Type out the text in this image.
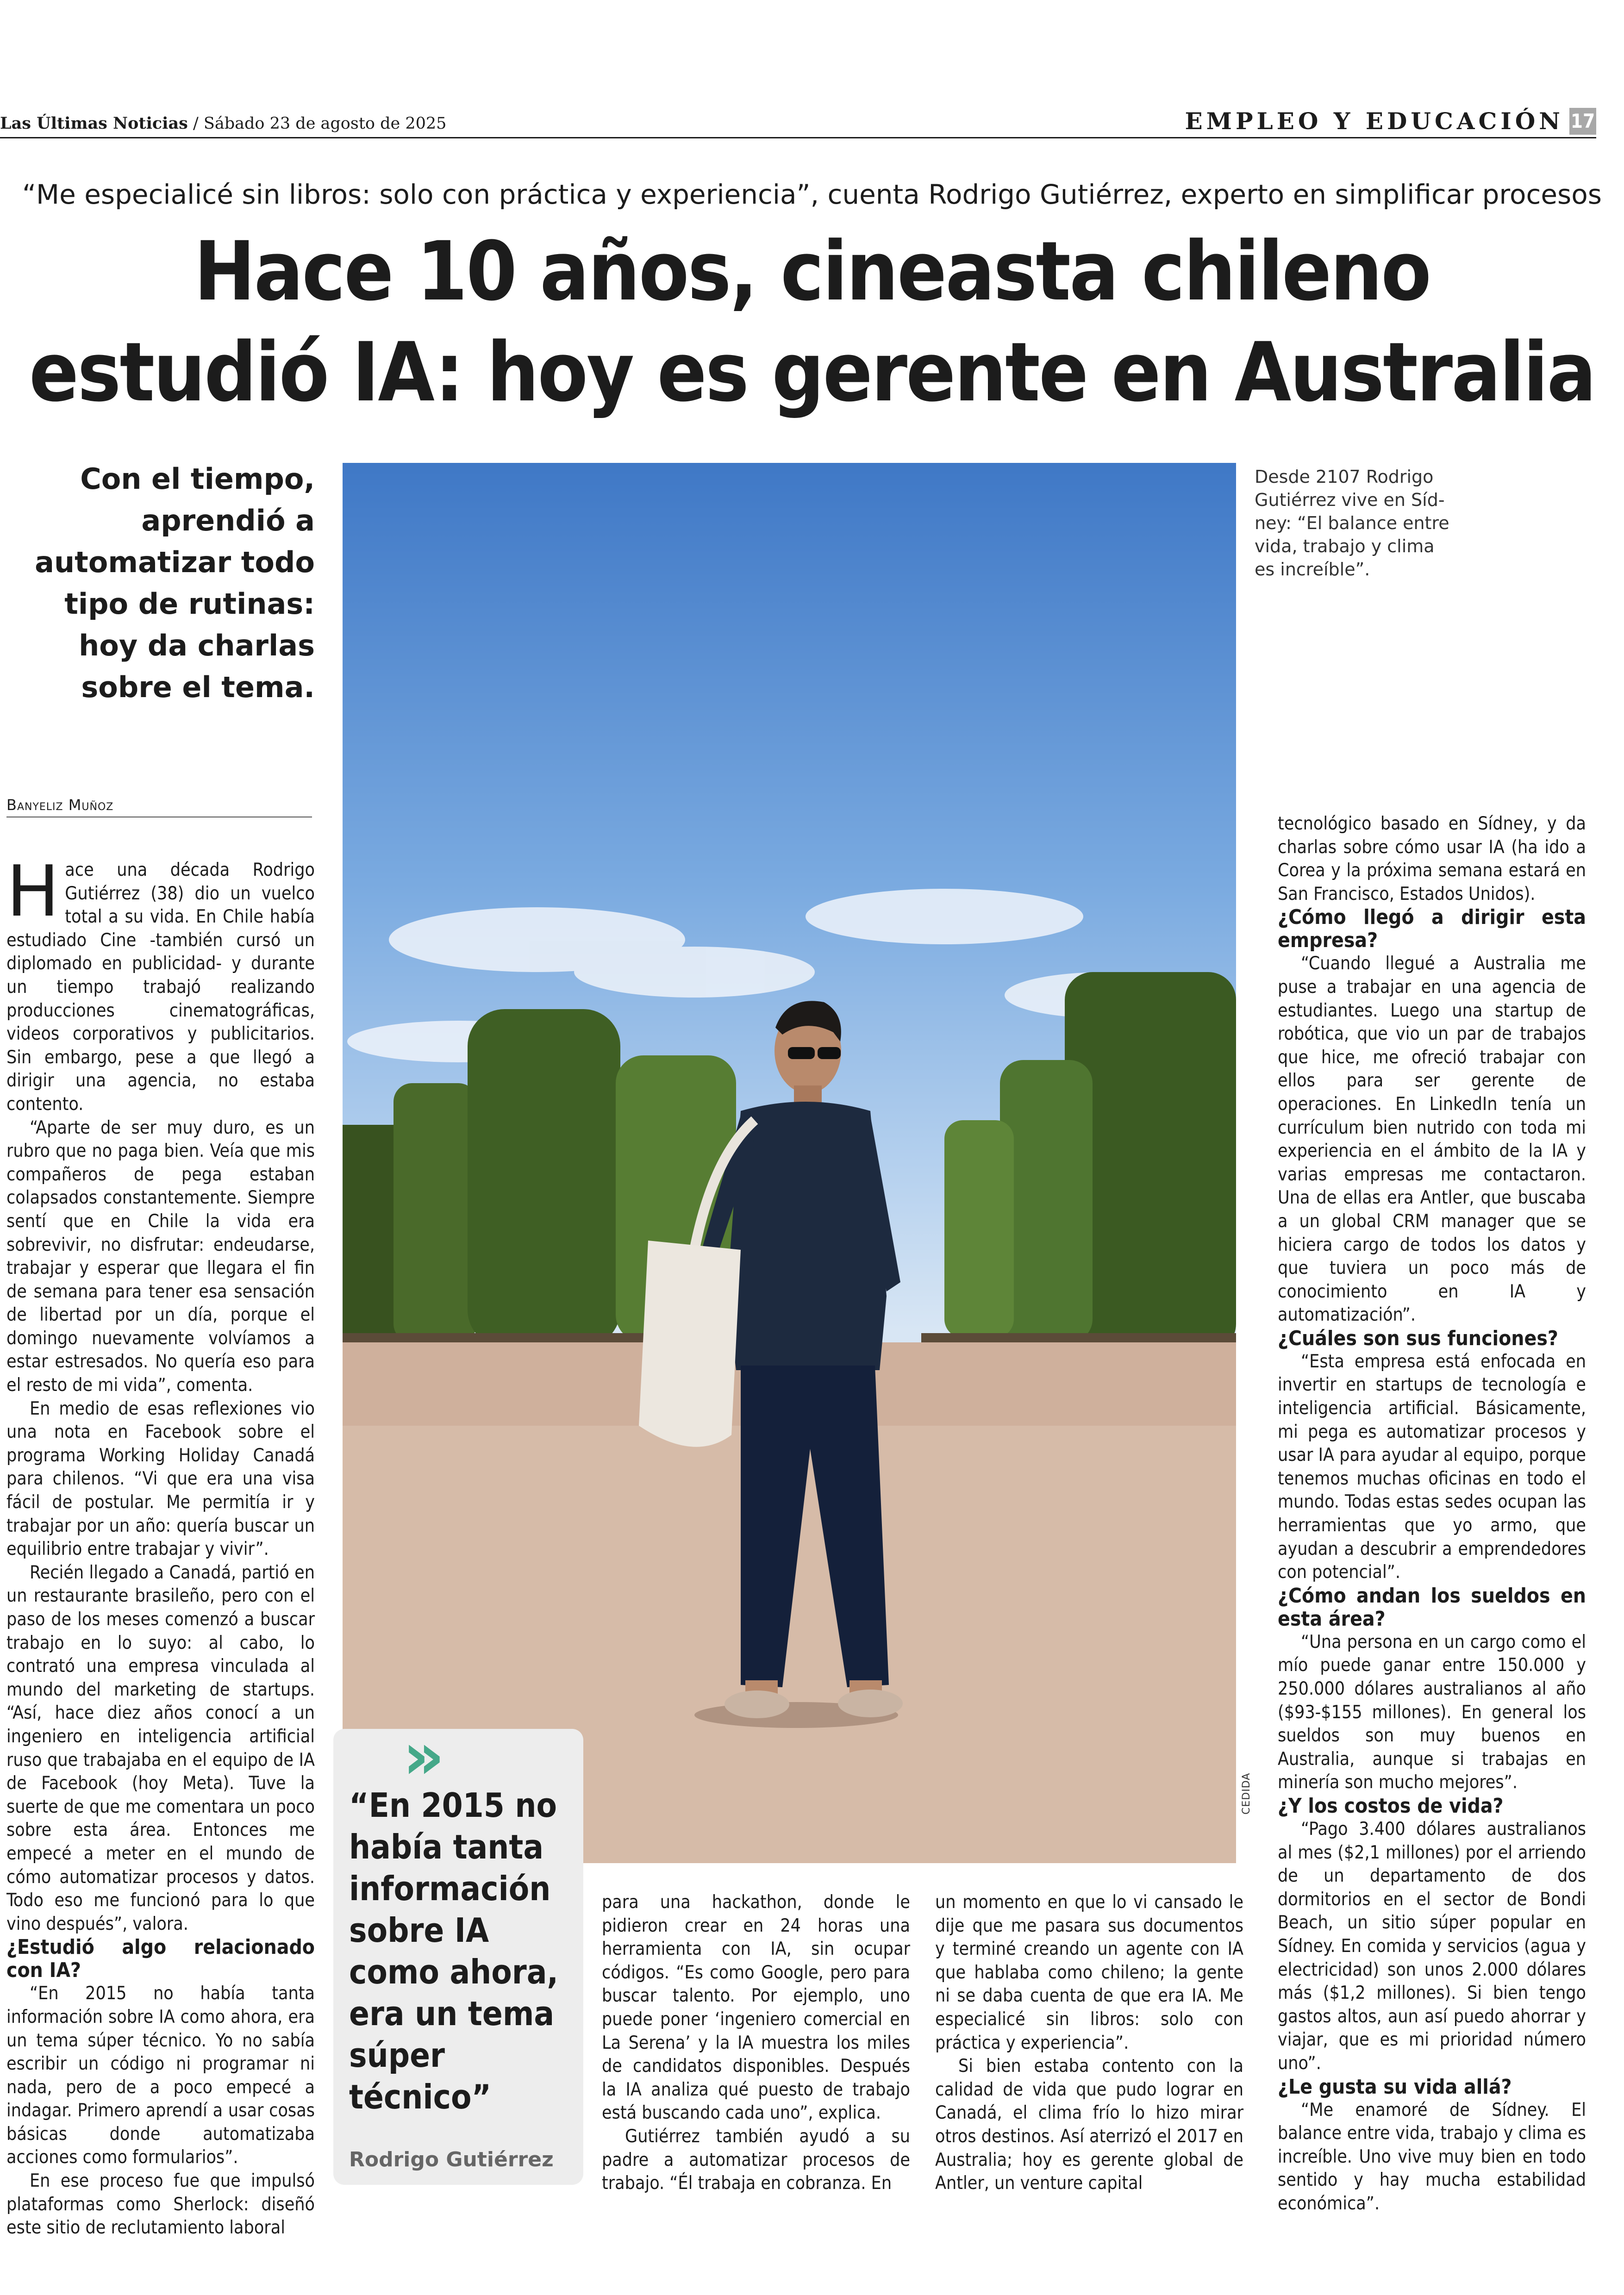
Las Últimas Noticias / Sábado 23 de agosto de 2025	EMPLEO Y EDUCACIÓN 17
“Me especialicé sin libros: solo con práctica y experiencia”, cuenta Rodrigo Gutiérrez, experto en simplificar procesos
Hace 10 años, cineasta chileno
estudió IA: hoy es gerente en Australia
Con el tiempo, aprendió a automatizar todo tipo de rutinas: hoy da charlas sobre el tema.
Desde 2107 Rodrigo Gutiérrez vive en Síd-ney: “El balance entre vida, trabajo y clima es increíble”.
CEDIDA
Banyeliz Muñoz

Hace una década Rodrigo Gutiérrez (38) dio un vuelco total a su vida. En Chile había estudiado Cine -también cursó un diplomado en publicidad- y durante un tiempo trabajó realizando producciones cinematográficas, videos corporativos y publicitarios. Sin embargo, pese a que llegó a dirigir una agencia, no estaba contento.

“Aparte de ser muy duro, es un rubro que no paga bien. Veía que mis compañeros de pega estaban colapsados constantemente. Siempre sentí que en Chile la vida era sobrevivir, no disfrutar: endeudarse, trabajar y esperar que llegara el fin de semana para tener esa sensación de libertad por un día, porque el domingo nuevamente volvíamos a estar estresados. No quería eso para el resto de mi vida”, comenta.

En medio de esas reflexiones vio una nota en Facebook sobre el programa Working Holiday Canadá para chilenos. “Vi que era una visa fácil de postular. Me permitía ir y trabajar por un año: quería buscar un equilibrio entre trabajar y vivir”.

Recién llegado a Canadá, partió en un restaurante brasileño, pero con el paso de los meses comenzó a buscar trabajo en lo suyo: al cabo, lo contrató una empresa vinculada al mundo del marketing de startups. “Así, hace diez años conocí a un ingeniero en inteligencia artificial ruso que trabajaba en el equipo de IA de Facebook (hoy Meta). Tuve la suerte de que me comentara un poco sobre esta área. Entonces me empecé a meter en el mundo de cómo automatizar procesos y datos. Todo eso me funcionó para lo que vino después”, valora.

¿Estudió algo relacionado con IA?

“En 2015 no había tanta información sobre IA como ahora, era un tema súper técnico. Yo no sabía escribir un código ni programar ni nada, pero de a poco empecé a indagar. Primero aprendí a usar cosas básicas donde automatizaba acciones como formularios”.

En ese proceso fue que impulsó plataformas como Sherlock: diseñó este sitio de reclutamiento laboral

»
“En 2015 no había tanta información sobre IA como ahora, era un tema súper técnico”
Rodrigo Gutiérrez

para una hackathon, donde le pidieron crear en 24 horas una herramienta con IA, sin ocupar códigos. “Es como Google, pero para buscar talento. Por ejemplo, uno puede poner ‘ingeniero comercial en La Serena’ y la IA muestra los miles de candidatos disponibles. Después la IA analiza qué puesto de trabajo está buscando cada uno”, explica.

Gutiérrez también ayudó a su padre a automatizar procesos de trabajo. “Él trabaja en cobranza. En

un momento en que lo vi cansado le dije que me pasara sus documentos y terminé creando un agente con IA que hablaba como chileno; la gente ni se daba cuenta de que era IA. Me especialicé sin libros: solo con práctica y experiencia”.

Si bien estaba contento con la calidad de vida que pudo lograr en Canadá, el clima frío lo hizo mirar otros destinos. Así aterrizó el 2017 en Australia; hoy es gerente global de Antler, un venture capital

tecnológico basado en Sídney, y da charlas sobre cómo usar IA (ha ido a Corea y la próxima semana estará en San Francisco, Estados Unidos).

¿Cómo llegó a dirigir esta empresa?

“Cuando llegué a Australia me puse a trabajar en una agencia de estudiantes. Luego una startup de robótica, que vio un par de trabajos que hice, me ofreció trabajar con ellos para ser gerente de operaciones. En LinkedIn tenía un currículum bien nutrido con toda mi experiencia en el ámbito de la IA y varias empresas me contactaron. Una de ellas era Antler, que buscaba a un global CRM manager que se hiciera cargo de todos los datos y que tuviera un poco más de conocimiento en IA y automatización”.

¿Cuáles son sus funciones?

“Esta empresa está enfocada en invertir en startups de tecnología e inteligencia artificial. Básicamente, mi pega es automatizar procesos y usar IA para ayudar al equipo, porque tenemos muchas oficinas en todo el mundo. Todas estas sedes ocupan las herramientas que yo armo, que ayudan a descubrir a emprendedores con potencial”.

¿Cómo andan los sueldos en esta área?

“Una persona en un cargo como el mío puede ganar entre 150.000 y 250.000 dólares australianos al año ($93-$155 millones). En general los sueldos son muy buenos en Australia, aunque si trabajas en minería son mucho mejores”.

¿Y los costos de vida?

“Pago 3.400 dólares australianos al mes ($2,1 millones) por el arriendo de un departamento de dos dormitorios en el sector de Bondi Beach, un sitio súper popular en Sídney. En comida y servicios (agua y electricidad) son unos 2.000 dólares más ($1,2 millones). Si bien tengo gastos altos, aun así puedo ahorrar y viajar, que es mi prioridad número uno”.

¿Le gusta su vida allá?

“Me enamoré de Sídney. El balance entre vida, trabajo y clima es increíble. Uno vive muy bien en todo sentido y hay mucha estabilidad económica”.
